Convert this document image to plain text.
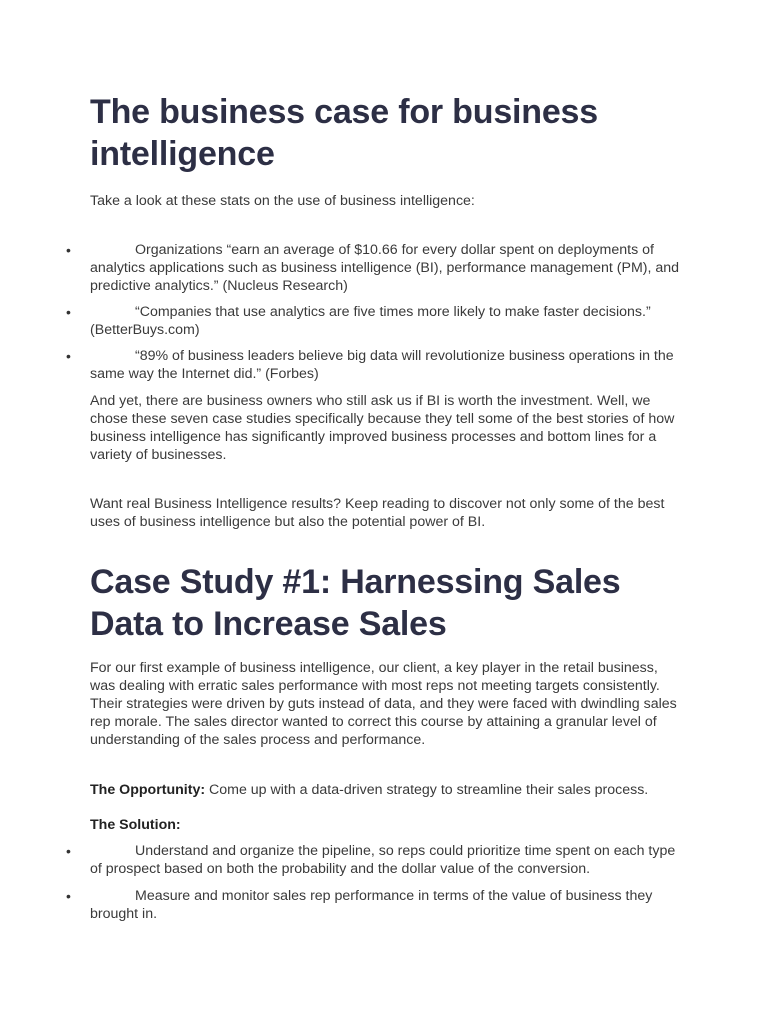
The business case for business intelligence

Take a look at these stats on the use of business intelligence:

•	Organizations “earn an average of $10.66 for every dollar spent on deployments of analytics applications such as business intelligence (BI), performance management (PM), and predictive analytics.” (Nucleus Research)
•	“Companies that use analytics are five times more likely to make faster decisions.” (BetterBuys.com)
•	“89% of business leaders believe big data will revolutionize business operations in the same way the Internet did.” (Forbes)

And yet, there are business owners who still ask us if BI is worth the investment. Well, we chose these seven case studies specifically because they tell some of the best stories of how business intelligence has significantly improved business processes and bottom lines for a variety of businesses.

Want real Business Intelligence results? Keep reading to discover not only some of the best uses of business intelligence but also the potential power of BI.

Case Study #1: Harnessing Sales Data to Increase Sales

For our first example of business intelligence, our client, a key player in the retail business, was dealing with erratic sales performance with most reps not meeting targets consistently. Their strategies were driven by guts instead of data, and they were faced with dwindling sales rep morale. The sales director wanted to correct this course by attaining a granular level of understanding of the sales process and performance.

The Opportunity: Come up with a data-driven strategy to streamline their sales process.

The Solution:

•	Understand and organize the pipeline, so reps could prioritize time spent on each type of prospect based on both the probability and the dollar value of the conversion.
•	Measure and monitor sales rep performance in terms of the value of business they brought in.
